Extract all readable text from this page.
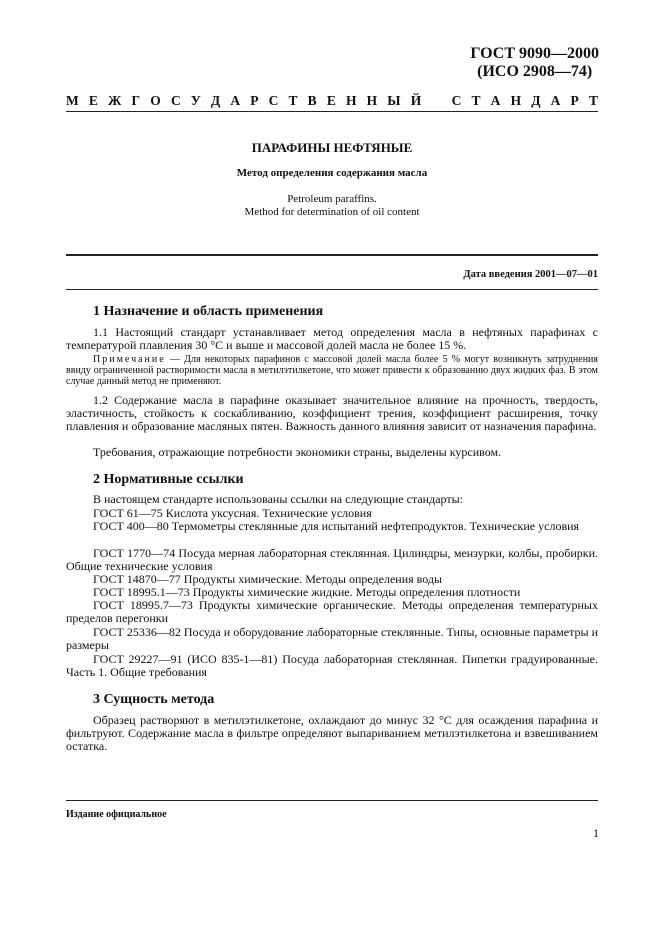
ГОСТ 9090—2000
(ИСО 2908—74)
М Е Ж Г О С У Д А Р С Т В Е Н Н Ы Й С Т А Н Д А Р Т
ПАРАФИНЫ НЕФТЯНЫЕ
Метод определения содержания масла
Petroleum paraffins.
Method for determination of oil content
Дата введения 2001—07—01
1 Назначение и область применения

1.1 Настоящий стандарт устанавливает метод определения масла в нефтяных парафинах с температурой плавления 30 °С и выше и массовой долей масла не более 15 %.

Примечание — Для некоторых парафинов с массовой долей масла более 5 % могут возникнуть затруднения ввиду ограниченной растворимости масла в метилэтилкетоне, что может привести к образованию двух жидких фаз. В этом случае данный метод не применяют.

1.2 Содержание масла в парафине оказывает значительное влияние на прочность, твердость, эластичность, стойкость к соскабливанию, коэффициент трения, коэффициент расширения, точку плавления и образование масляных пятен. Важность данного влияния зависит от назначения парафина.

Требования, отражающие потребности экономики страны, выделены курсивом.

2 Нормативные ссылки

В настоящем стандарте использованы ссылки на следующие стандарты:

ГОСТ 61—75 Кислота уксусная. Технические условия

ГОСТ 400—80 Термометры стеклянные для испытаний нефтепродуктов. Технические условия

ГОСТ 1770—74 Посуда мерная лабораторная стеклянная. Цилиндры, мензурки, колбы, пробирки. Общие технические условия

ГОСТ 14870—77 Продукты химические. Методы определения воды

ГОСТ 18995.1—73 Продукты химические жидкие. Методы определения плотности

ГОСТ 18995.7—73 Продукты химические органические. Методы определения температурных пределов перегонки

ГОСТ 25336—82 Посуда и оборудование лабораторные стеклянные. Типы, основные параметры и размеры

ГОСТ 29227—91 (ИСО 835-1—81) Посуда лабораторная стеклянная. Пипетки градуированные. Часть 1. Общие требования

3 Сущность метода

Образец растворяют в метилэтилкетоне, охлаждают до минус 32 °С для осаждения парафина и фильтруют. Содержание масла в фильтре определяют выпариванием метилэтилкетона и взвешиванием остатка.

Издание официальное
1
